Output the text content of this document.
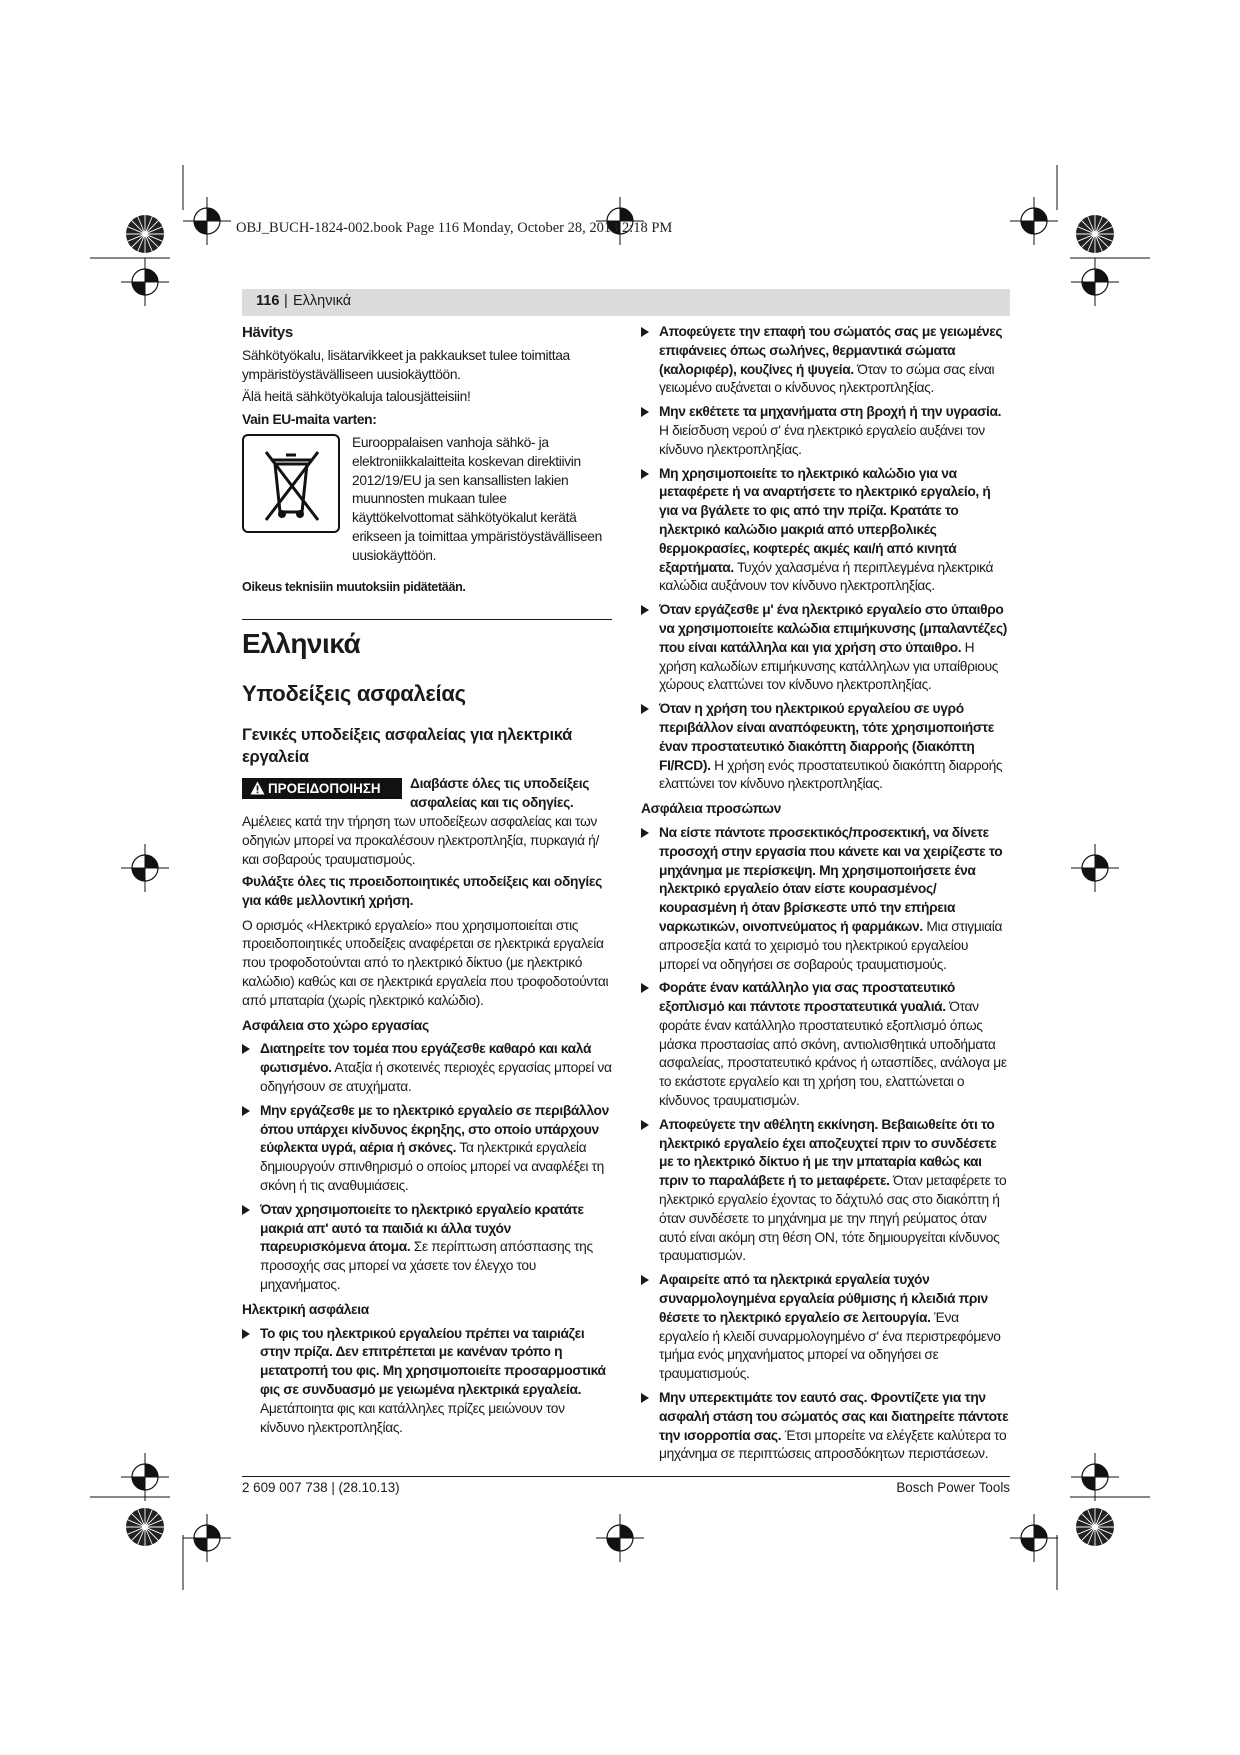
OBJ_BUCH-1824-002.book Page 116 Monday, October 28, 2013 2:18 PM
116 | Ελληνικά

Hävitys

Sähkötyökalu, lisätarvikkeet ja pakkaukset tulee toimittaa ympäristöystävälliseen uusiokäyttöön.

Älä heitä sähkötyökaluja talousjätteisiin!

Vain EU-maita varten:

Eurooppalaisen vanhoja sähkö- ja elektroniikkalaitteita koskevan direktiivin 2012/19/EU ja sen kansallisten lakien muunnosten mukaan tulee käyttökelvottomat sähkötyökalut kerätä erikseen ja toimittaa ympäristöystävälliseen uusiokäyttöön.

Oikeus teknisiin muutoksiin pidätetään.

Ελληνικά
Υποδείξεις ασφαλείας
Γενικές υποδείξεις ασφαλείας για ηλεκτρικά εργαλεία
ΠΡΟΕΙΔΟΠΟΙΗΣΗ Διαβάστε όλες τις υποδείξεις ασφαλείας και τις οδηγίες.
Αμέλειες κατά την τήρηση των υποδείξεων ασφαλείας και των οδηγιών μπορεί να προκαλέσουν ηλεκτροπληξία, πυρκαγιά ή/και σοβαρούς τραυματισμούς.

Φυλάξτε όλες τις προειδοποιητικές υποδείξεις και οδηγίες για κάθε μελλοντική χρήση.

Ο ορισμός «Ηλεκτρικό εργαλείο» που χρησιμοποιείται στις προειδοποιητικές υποδείξεις αναφέρεται σε ηλεκτρικά εργαλεία που τροφοδοτούνται από το ηλεκτρικό δίκτυο (με ηλεκτρικό καλώδιο) καθώς και σε ηλεκτρικά εργαλεία που τροφοδοτούνται από μπαταρία (χωρίς ηλεκτρικό καλώδιο).

Ασφάλεια στο χώρο εργασίας

Διατηρείτε τον τομέα που εργάζεσθε καθαρό και καλά φωτισμένο. Αταξία ή σκοτεινές περιοχές εργασίας μπορεί να οδηγήσουν σε ατυχήματα.
Μην εργάζεσθε με το ηλεκτρικό εργαλείο σε περιβάλλον όπου υπάρχει κίνδυνος έκρηξης, στο οποίο υπάρχουν εύφλεκτα υγρά, αέρια ή σκόνες. Τα ηλεκτρικά εργαλεία δημιουργούν σπινθηρισμό ο οποίος μπορεί να αναφλέξει τη σκόνη ή τις αναθυμιάσεις.
Όταν χρησιμοποιείτε το ηλεκτρικό εργαλείο κρατάτε μακριά απ' αυτό τα παιδιά κι άλλα τυχόν παρευρισκόμενα άτομα. Σε περίπτωση απόσπασης της προσοχής σας μπορεί να χάσετε τον έλεγχο του μηχανήματος.

Ηλεκτρική ασφάλεια

Το φις του ηλεκτρικού εργαλείου πρέπει να ταιριάζει στην πρίζα. Δεν επιτρέπεται με κανέναν τρόπο η μετατροπή του φις. Μη χρησιμοποιείτε προσαρμοστικά φις σε συνδυασμό με γειωμένα ηλεκτρικά εργαλεία. Αμετάποιητα φις και κατάλληλες πρίζες μειώνουν τον κίνδυνο ηλεκτροπληξίας.
Αποφεύγετε την επαφή του σώματός σας με γειωμένες επιφάνειες όπως σωλήνες, θερμαντικά σώματα (καλοριφέρ), κουζίνες ή ψυγεία. Όταν το σώμα σας είναι γειωμένο αυξάνεται ο κίνδυνος ηλεκτροπληξίας.
Μην εκθέτετε τα μηχανήματα στη βροχή ή την υγρασία. Η διείσδυση νερού σ' ένα ηλεκτρικό εργαλείο αυξάνει τον κίνδυνο ηλεκτροπληξίας.
Μη χρησιμοποιείτε το ηλεκτρικό καλώδιο για να μεταφέρετε ή να αναρτήσετε το ηλεκτρικό εργαλείο, ή για να βγάλετε το φις από την πρίζα. Κρατάτε το ηλεκτρικό καλώδιο μακριά από υπερβολικές θερμοκρασίες, κοφτερές ακμές και/ή από κινητά εξαρτήματα. Τυχόν χαλασμένα ή περιπλεγμένα ηλεκτρικά καλώδια αυξάνουν τον κίνδυνο ηλεκτροπληξίας.
Όταν εργάζεσθε μ' ένα ηλεκτρικό εργαλείο στο ύπαιθρο να χρησιμοποιείτε καλώδια επιμήκυνσης (μπαλαντέζες) που είναι κατάλληλα και για χρήση στο ύπαιθρο. Η χρήση καλωδίων επιμήκυνσης κατάλληλων για υπαίθριους χώρους ελαττώνει τον κίνδυνο ηλεκτροπληξίας.
Όταν η χρήση του ηλεκτρικού εργαλείου σε υγρό περιβάλλον είναι αναπόφευκτη, τότε χρησιμοποιήστε έναν προστατευτικό διακόπτη διαρροής (διακόπτη FI/RCD). Η χρήση ενός προστατευτικού διακόπτη διαρροής ελαττώνει τον κίνδυνο ηλεκτροπληξίας.

Ασφάλεια προσώπων

Να είστε πάντοτε προσεκτικός/προσεκτική, να δίνετε προσοχή στην εργασία που κάνετε και να χειρίζεστε το μηχάνημα με περίσκεψη. Μη χρησιμοποιήσετε ένα ηλεκτρικό εργαλείο όταν είστε κουρασμένος/κουρασμένη ή όταν βρίσκεστε υπό την επήρεια ναρκωτικών, οινοπνεύματος ή φαρμάκων. Μια στιγμιαία απροσεξία κατά το χειρισμό του ηλεκτρικού εργαλείου μπορεί να οδηγήσει σε σοβαρούς τραυματισμούς.
Φοράτε έναν κατάλληλο για σας προστατευτικό εξοπλισμό και πάντοτε προστατευτικά γυαλιά. Όταν φοράτε έναν κατάλληλο προστατευτικό εξοπλισμό όπως μάσκα προστασίας από σκόνη, αντιολισθητικά υποδήματα ασφαλείας, προστατευτικό κράνος ή ωτασπίδες, ανάλογα με το εκάστοτε εργαλείο και τη χρήση του, ελαττώνεται ο κίνδυνος τραυματισμών.
Αποφεύγετε την αθέλητη εκκίνηση. Βεβαιωθείτε ότι το ηλεκτρικό εργαλείο έχει αποζευχτεί πριν το συνδέσετε με το ηλεκτρικό δίκτυο ή με την μπαταρία καθώς και πριν το παραλάβετε ή το μεταφέρετε. Όταν μεταφέρετε το ηλεκτρικό εργαλείο έχοντας το δάχτυλό σας στο διακόπτη ή όταν συνδέσετε το μηχάνημα με την πηγή ρεύματος όταν αυτό είναι ακόμη στη θέση ON, τότε δημιουργείται κίνδυνος τραυματισμών.
Αφαιρείτε από τα ηλεκτρικά εργαλεία τυχόν συναρμολογημένα εργαλεία ρύθμισης ή κλειδιά πριν θέσετε το ηλεκτρικό εργαλείο σε λειτουργία. Ένα εργαλείο ή κλειδί συναρμολογημένο σ' ένα περιστρεφόμενο τμήμα ενός μηχανήματος μπορεί να οδηγήσει σε τραυματισμούς.
Μην υπερεκτιμάτε τον εαυτό σας. Φροντίζετε για την ασφαλή στάση του σώματός σας και διατηρείτε πάντοτε την ισορροπία σας. Έτσι μπορείτε να ελέγξετε καλύτερα το μηχάνημα σε περιπτώσεις απροσδόκητων περιστάσεων.
2 609 007 738 | (28.10.13)	Bosch Power Tools
